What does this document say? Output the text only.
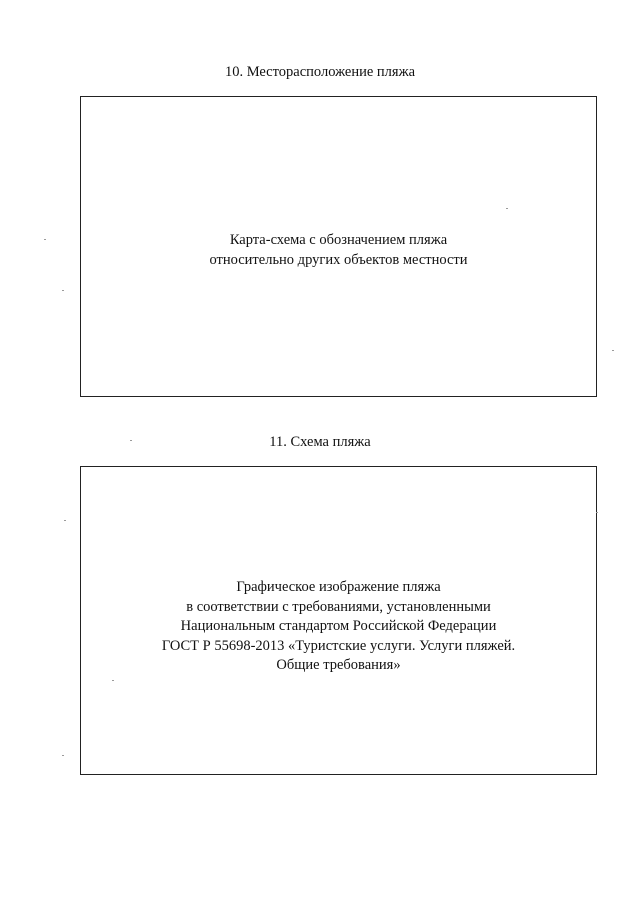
10. Месторасположение пляжа
Карта-схема с обозначением пляжа
относительно других объектов местности
11. Схема пляжа
Графическое изображение пляжа
в соответствии с требованиями, установленными
Национальным стандартом Российской Федерации
ГОСТ Р 55698-2013 «Туристские услуги. Услуги пляжей.
Общие требования»
